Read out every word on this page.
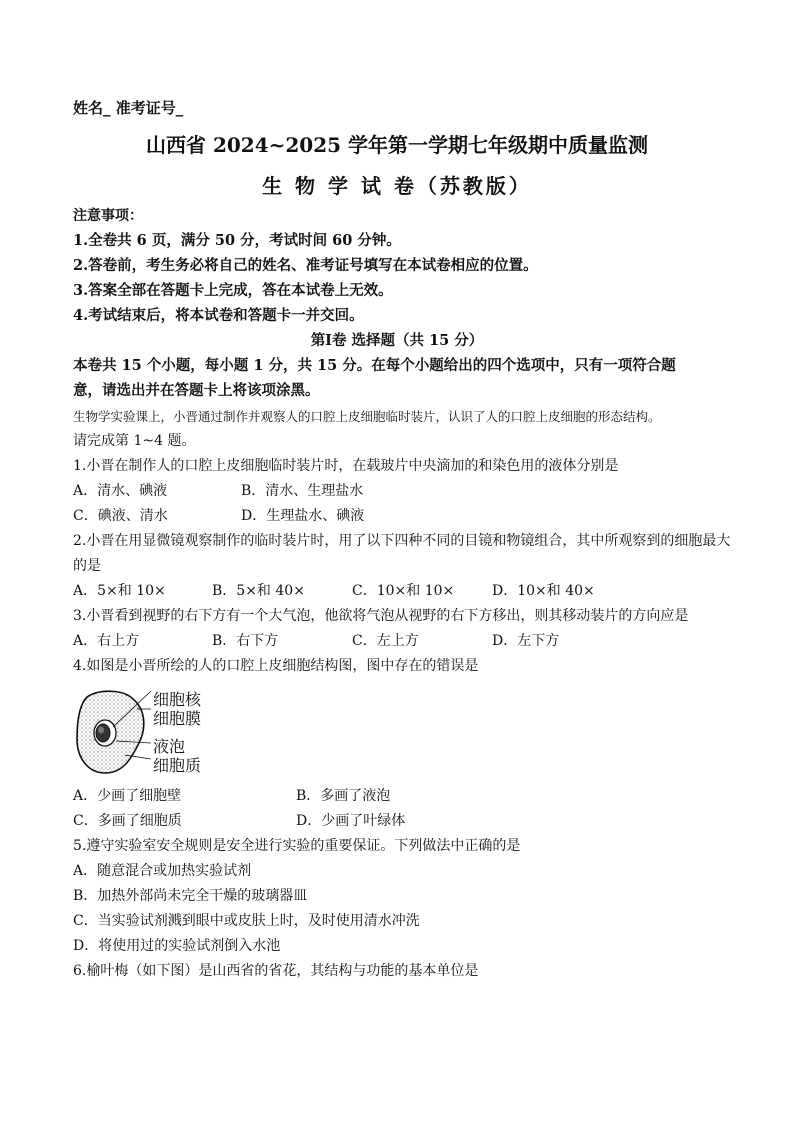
姓名_ 准考证号_
山西省 2024~2025 学年第一学期七年级期中质量监测
生 物 学 试 卷（苏教版）
注意事项：
1.全卷共 6 页，满分 50 分，考试时间 60 分钟。
2.答卷前，考生务必将自己的姓名、准考证号填写在本试卷相应的位置。
3.答案全部在答题卡上完成，答在本试卷上无效。
4.考试结束后，将本试卷和答题卡一并交回。
第Ⅰ卷 选择题（共 15 分）
本卷共 15 个小题，每小题 1 分，共 15 分。在每个小题给出的四个选项中，只有一项符合题
意，请选出并在答题卡上将该项涂黑。
生物学实验课上，小晋通过制作并观察人的口腔上皮细胞临时装片，认识了人的口腔上皮细胞的形态结构。
请完成第 1~4 题。
1.小晋在制作人的口腔上皮细胞临时装片时，在载玻片中央滴加的和染色用的液体分别是
A．清水、碘液	B．清水、生理盐水
C．碘液、清水	D．生理盐水、碘液
2.小晋在用显微镜观察制作的临时装片时，用了以下四种不同的目镜和物镜组合，其中所观察到的细胞最大
的是
A．5×和 10×	B．5×和 40×	C．10×和 10×	D．10×和 40×
3.小晋看到视野的右下方有一个大气泡，他欲将气泡从视野的右下方移出，则其移动装片的方向应是
A．右上方	B．右下方	C．左上方	D．左下方
4.如图是小晋所绘的人的口腔上皮细胞结构图，图中存在的错误是
细胞核
细胞膜
液泡
细胞质
A．少画了细胞壁	B．多画了液泡
C．多画了细胞质	D．少画了叶绿体
5.遵守实验室安全规则是安全进行实验的重要保证。下列做法中正确的是
A．随意混合或加热实验试剂
B．加热外部尚未完全干燥的玻璃器皿
C．当实验试剂溅到眼中或皮肤上时，及时使用清水冲洗
D．将使用过的实验试剂倒入水池
6.榆叶梅（如下图）是山西省的省花，其结构与功能的基本单位是
